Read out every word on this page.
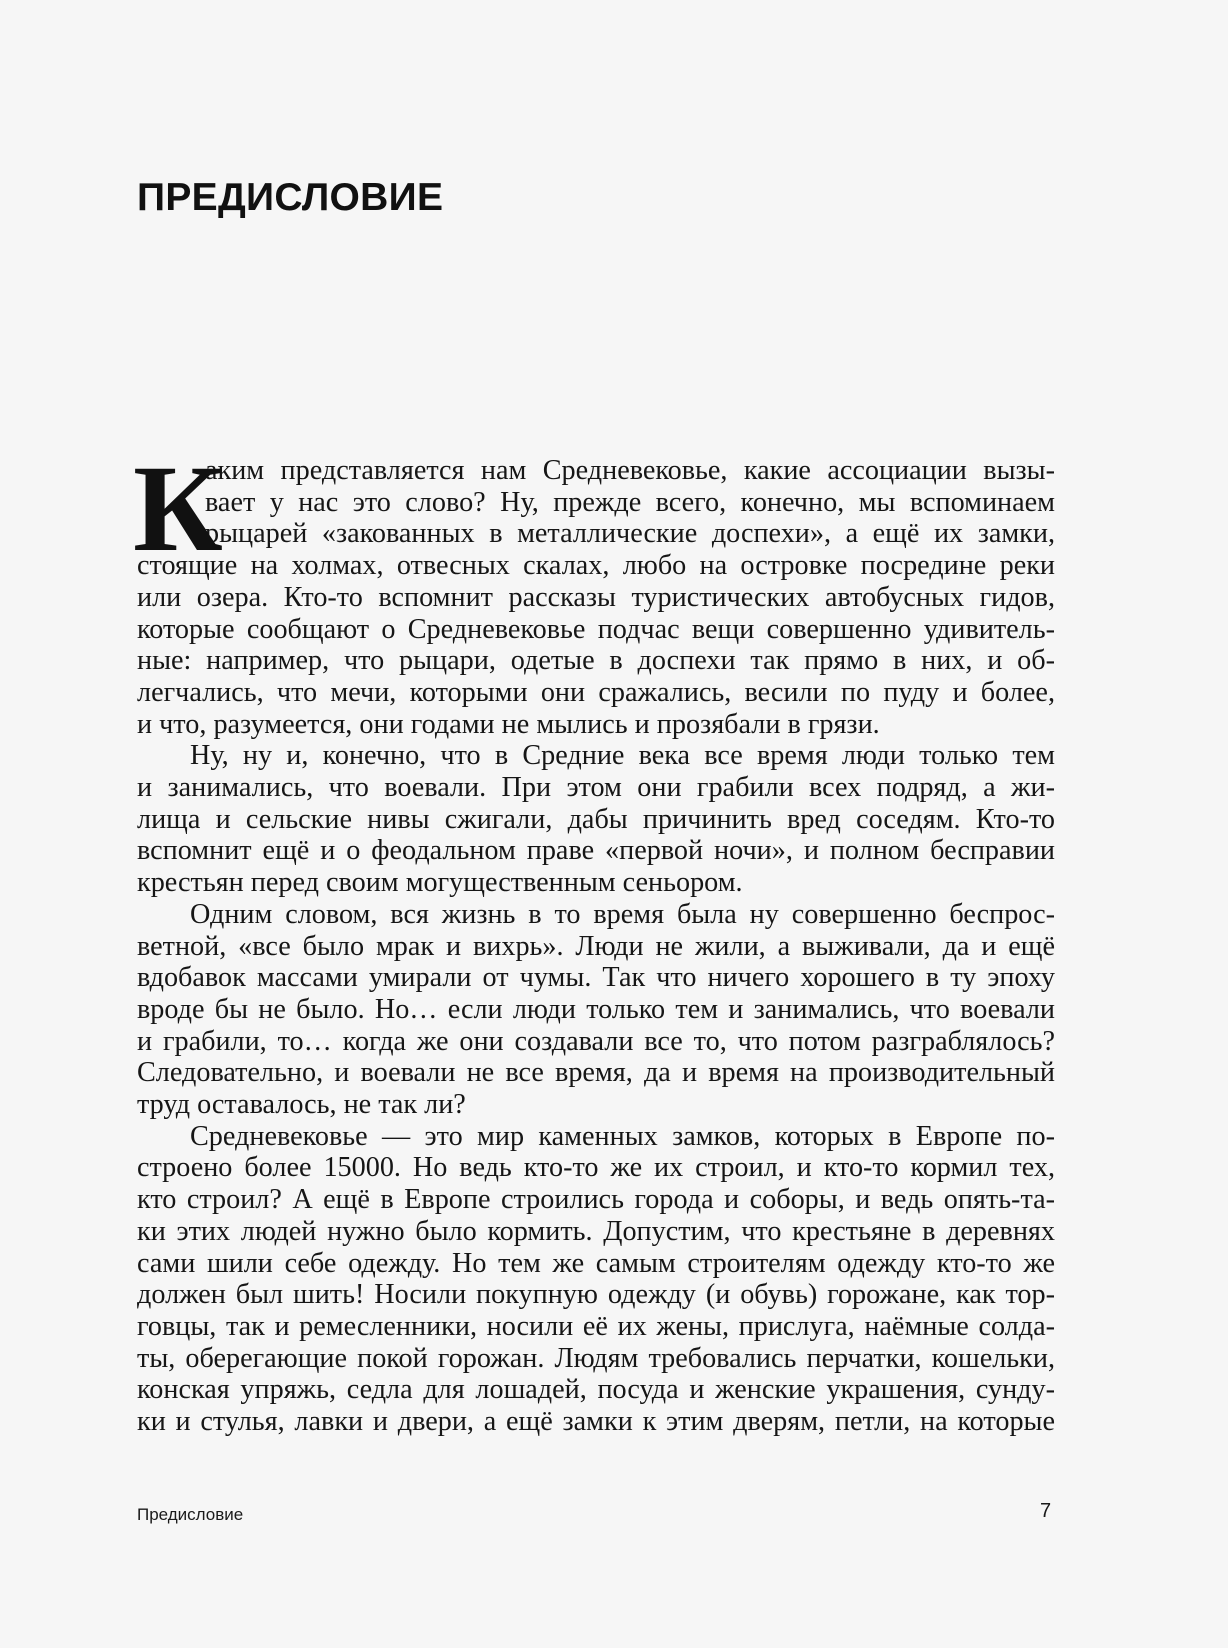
ПРЕДИСЛОВИЕ
К
аким представляется нам Средневековье, какие ассоциации вызы-
вает у нас это слово? Ну, прежде всего, конечно, мы вспоминаем
рыцарей «закованных в металлические доспехи», а ещё их замки,
стоящие на холмах, отвесных скалах, любо на островке посредине реки
или озера. Кто-то вспомнит рассказы туристических автобусных гидов,
которые сообщают о Средневековье подчас вещи совершенно удивитель-
ные: например, что рыцари, одетые в доспехи так прямо в них, и об-
легчались, что мечи, которыми они сражались, весили по пуду и более,
и что, разумеется, они годами не мылись и прозябали в грязи.
Ну, ну и, конечно, что в Средние века все время люди только тем
и занимались, что воевали. При этом они грабили всех подряд, а жи-
лища и сельские нивы сжигали, дабы причинить вред соседям. Кто-то
вспомнит ещё и о феодальном праве «первой ночи», и полном бесправии
крестьян перед своим могущественным сеньором.
Одним словом, вся жизнь в то время была ну совершенно беспрос-
ветной, «все было мрак и вихрь». Люди не жили, а выживали, да и ещё
вдобавок массами умирали от чумы. Так что ничего хорошего в ту эпоху
вроде бы не было. Но… если люди только тем и занимались, что воевали
и грабили, то… когда же они создавали все то, что потом разграблялось?
Следовательно, и воевали не все время, да и время на производительный
труд оставалось, не так ли?
Средневековье — это мир каменных замков, которых в Европе по-
строено более 15000. Но ведь кто-то же их строил, и кто-то кормил тех,
кто строил? А ещё в Европе строились города и соборы, и ведь опять-та-
ки этих людей нужно было кормить. Допустим, что крестьяне в деревнях
сами шили себе одежду. Но тем же самым строителям одежду кто-то же
должен был шить! Носили покупную одежду (и обувь) горожане, как тор-
говцы, так и ремесленники, носили её их жены, прислуга, наёмные солда-
ты, оберегающие покой горожан. Людям требовались перчатки, кошельки,
конская упряжь, седла для лошадей, посуда и женские украшения, сунду-
ки и стулья, лавки и двери, а ещё замки к этим дверям, петли, на которые
Предисловие	7
